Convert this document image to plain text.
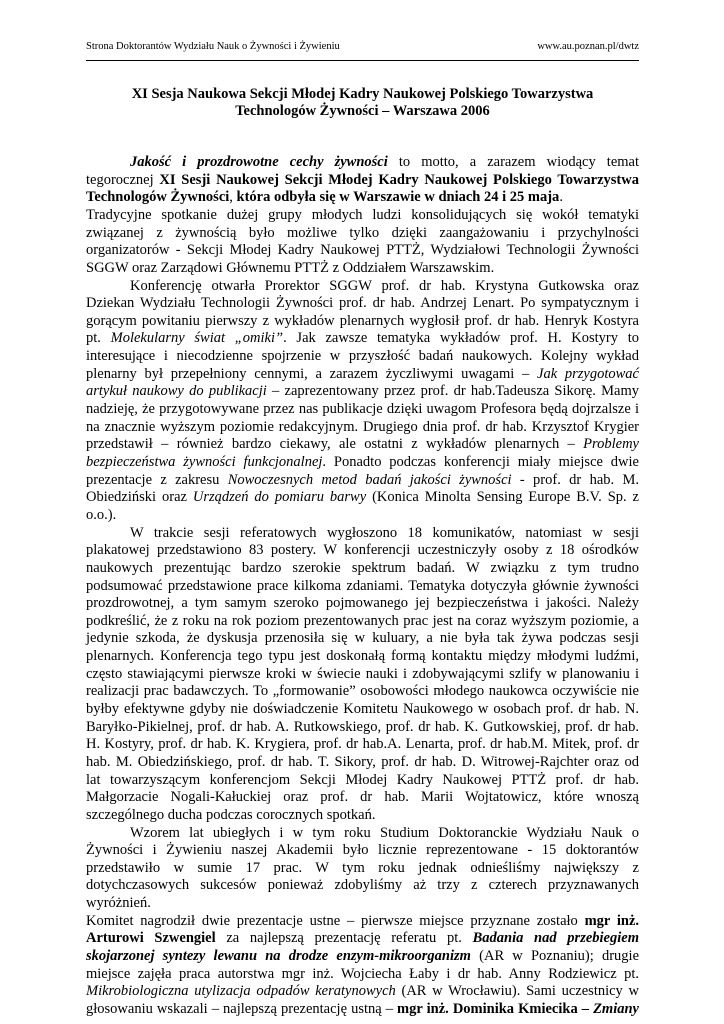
Strona Doktorantów Wydziału Nauk o Żywności i Żywieniu	www.au.poznan.pl/dwtz
XI Sesja Naukowa Sekcji Młodej Kadry Naukowej Polskiego Towarzystwa
Technologów Żywności – Warszawa 2006
Jakość i prozdrowotne cechy żywności to motto, a zarazem wiodący temat
tegorocznej XI Sesji Naukowej Sekcji Młodej Kadry Naukowej Polskiego Towarzystwa
Technologów Żywności, która odbyła się w Warszawie w dniach 24 i 25 maja.
Tradycyjne spotkanie dużej grupy młodych ludzi konsolidujących się wokół tematyki
związanej z żywnością było możliwe tylko dzięki zaangażowaniu i przychylności
organizatorów - Sekcji Młodej Kadry Naukowej PTTŻ, Wydziałowi Technologii Żywności
SGGW oraz Zarządowi Głównemu PTTŻ z Oddziałem Warszawskim.
Konferencję otwarła Prorektor SGGW prof. dr hab. Krystyna Gutkowska oraz
Dziekan Wydziału Technologii Żywności prof. dr hab. Andrzej Lenart. Po sympatycznym i
gorącym powitaniu pierwszy z wykładów plenarnych wygłosił prof. dr hab. Henryk Kostyra
pt. Molekularny świat „omiki”. Jak zawsze tematyka wykładów prof. H. Kostyry to
interesujące i niecodzienne spojrzenie w przyszłość badań naukowych. Kolejny wykład
plenarny był przepełniony cennymi, a zarazem życzliwymi uwagami – Jak przygotować
artykuł naukowy do publikacji – zaprezentowany przez prof. dr hab.Tadeusza Sikorę. Mamy
nadzieję, że przygotowywane przez nas publikacje dzięki uwagom Profesora będą dojrzalsze i
na znacznie wyższym poziomie redakcyjnym. Drugiego dnia prof. dr hab. Krzysztof Krygier
przedstawił – również bardzo ciekawy, ale ostatni z wykładów plenarnych – Problemy
bezpieczeństwa żywności funkcjonalnej. Ponadto podczas konferencji miały miejsce dwie
prezentacje z zakresu Nowoczesnych metod badań jakości żywności - prof. dr hab. M.
Obiedziński oraz Urządzeń do pomiaru barwy (Konica Minolta Sensing Europe B.V. Sp. z
o.o.).
W trakcie sesji referatowych wygłoszono 18 komunikatów, natomiast w sesji
plakatowej przedstawiono 83 postery. W konferencji uczestniczyły osoby z 18 ośrodków
naukowych prezentując bardzo szerokie spektrum badań. W związku z tym trudno
podsumować przedstawione prace kilkoma zdaniami. Tematyka dotyczyła głównie żywności
prozdrowotnej, a tym samym szeroko pojmowanego jej bezpieczeństwa i jakości. Należy
podkreślić, że z roku na rok poziom prezentowanych prac jest na coraz wyższym poziomie, a
jedynie szkoda, że dyskusja przenosiła się w kuluary, a nie była tak żywa podczas sesji
plenarnych. Konferencja tego typu jest doskonałą formą kontaktu między młodymi ludźmi,
często stawiającymi pierwsze kroki w świecie nauki i zdobywającymi szlify w planowaniu i
realizacji prac badawczych. To „formowanie” osobowości młodego naukowca oczywiście nie
byłby efektywne gdyby nie doświadczenie Komitetu Naukowego w osobach prof. dr hab. N.
Baryłko-Pikielnej, prof. dr hab. A. Rutkowskiego, prof. dr hab. K. Gutkowskiej, prof. dr hab.
H. Kostyry, prof. dr hab. K. Krygiera, prof. dr hab.A. Lenarta, prof. dr hab.M. Mitek, prof. dr
hab. M. Obiedzińskiego, prof. dr hab. T. Sikory, prof. dr hab. D. Witrowej-Rajchter oraz od
lat towarzyszącym konferencjom Sekcji Młodej Kadry Naukowej PTTŻ prof. dr hab.
Małgorzacie Nogali-Kałuckiej oraz prof. dr hab. Marii Wojtatowicz, które wnoszą
szczególnego ducha podczas corocznych spotkań.
Wzorem lat ubiegłych i w tym roku Studium Doktoranckie Wydziału Nauk o
Żywności i Żywieniu naszej Akademii było licznie reprezentowane - 15 doktorantów
przedstawiło w sumie 17 prac. W tym roku jednak odnieśliśmy największy z
dotychczasowych sukcesów ponieważ zdobyliśmy aż trzy z czterech przyznawanych
wyróżnień.
Komitet nagrodził dwie prezentacje ustne – pierwsze miejsce przyznane zostało mgr inż.
Arturowi Szwengiel za najlepszą prezentację referatu pt. Badania nad przebiegiem
skojarzonej syntezy lewanu na drodze enzym-mikroorganizm (AR w Poznaniu); drugie
miejsce zajęła praca autorstwa mgr inż. Wojciecha Łaby i dr hab. Anny Rodziewicz pt.
Mikrobiologiczna utylizacja odpadów keratynowych (AR w Wrocławiu). Sami uczestnicy w
głosowaniu wskazali – najlepszą prezentację ustną – mgr inż. Dominika Kmiecika – Zmiany
